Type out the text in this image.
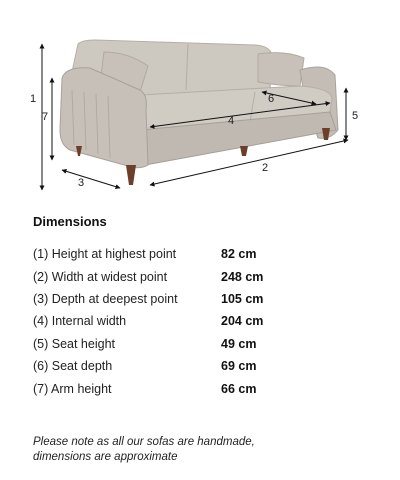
1
2
3
4	5
6
7
Dimensions
(1) Height at highest point	82 cm
(2) Width at widest point	248 cm
(3) Depth at deepest point	105 cm
(4) Internal width	204 cm
(5) Seat height	49 cm
(6) Seat depth	69 cm
(7) Arm height	66 cm
Please note as all our sofas are handmade,
dimensions are approximate
